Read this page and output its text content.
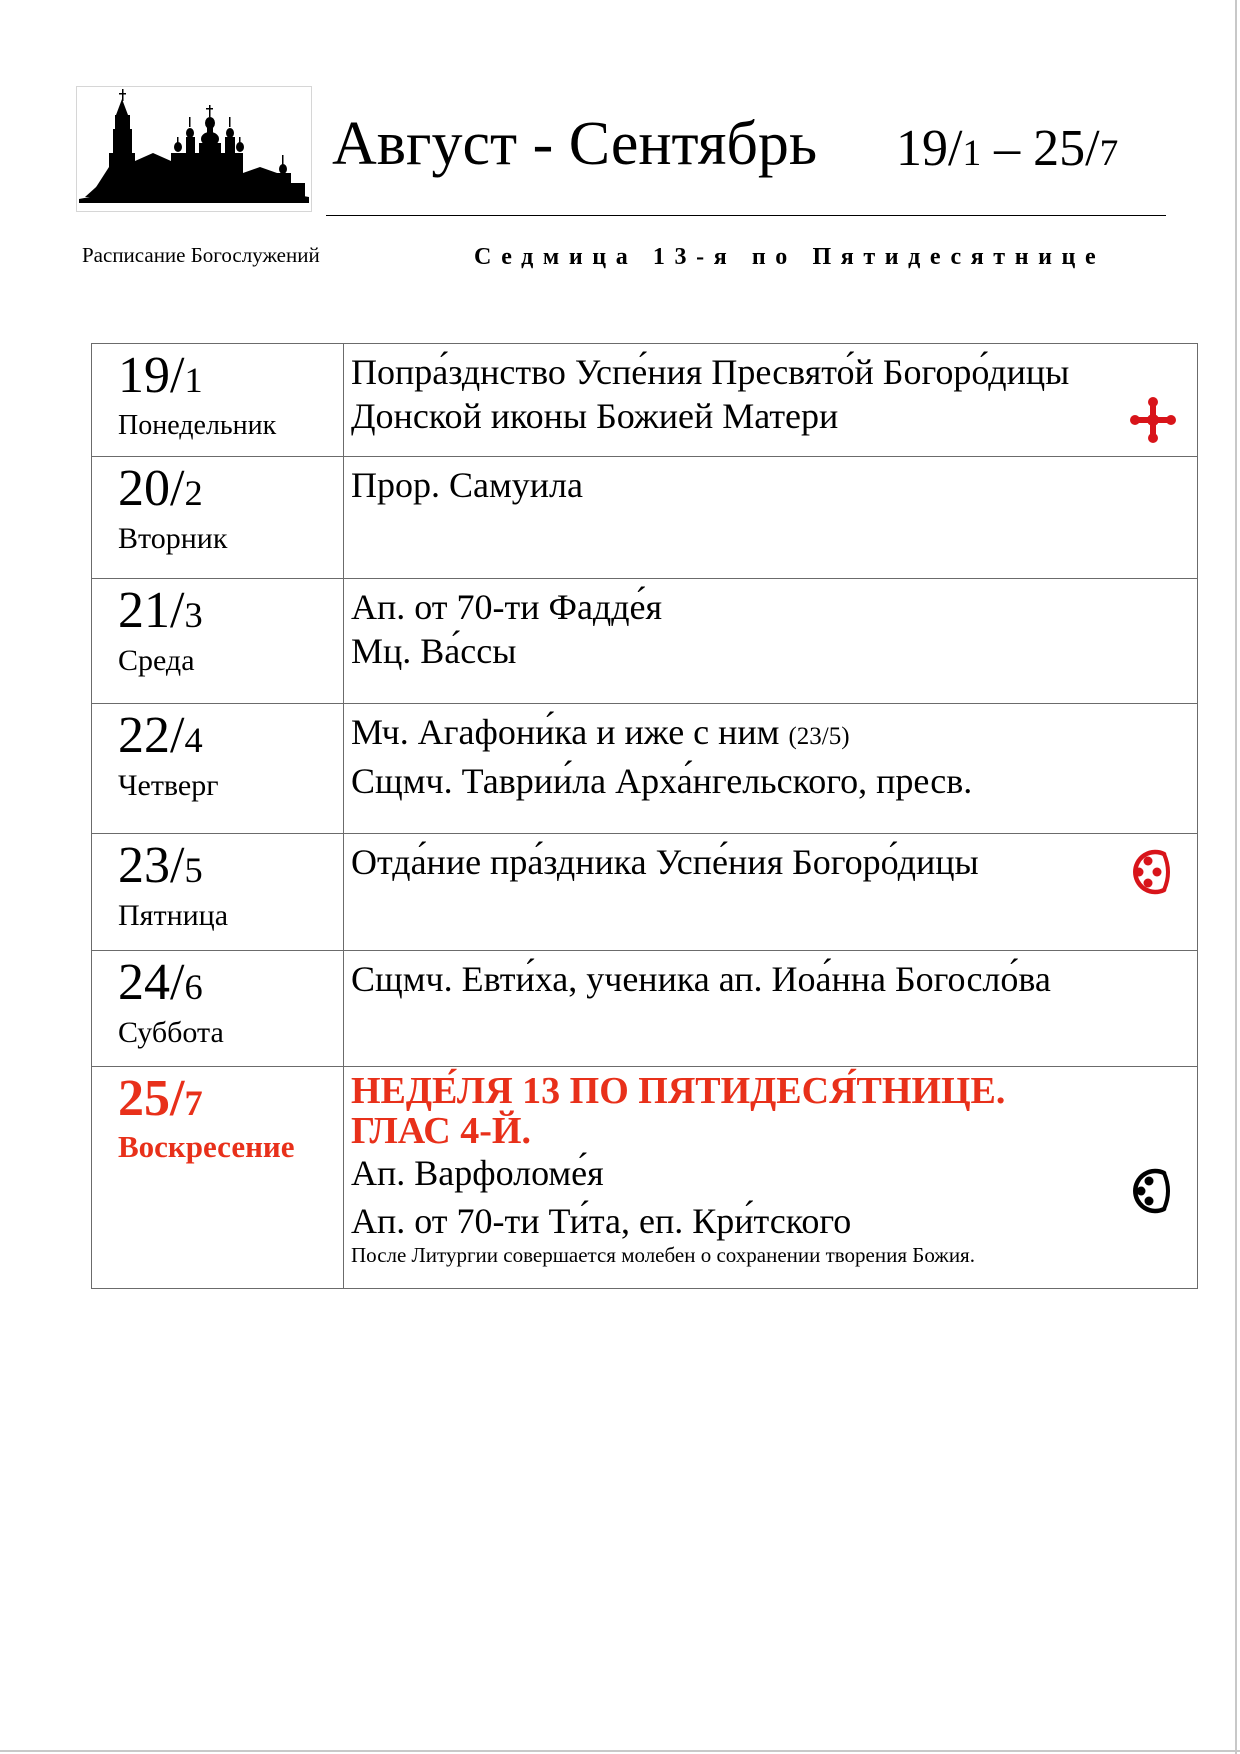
Август - Сентябрь 19/1 – 25/7
Расписание Богослужений	Седмица 13-я по Пятидесятнице
19/1
Понедельник
Попра́зднство Успе́ния Пресвято́й Богоро́дицы
Донской иконы Божией Матери
20/2
Вторник
Прор. Самуила
21/3
Среда
Ап. от 70-ти Фадде́я
Мц. Ва́ссы
22/4
Четверг
Мч. Агафони́ка и иже с ним (23/5)
Сщмч. Таврии́ла Арха́нгельского, пресв.
23/5
Пятница
Отда́ние пра́здника Успе́ния Богоро́дицы
24/6
Суббота
Сщмч. Евти́ха, ученика ап. Иоа́нна Богосло́ва
25/7
Воскресение
НЕДЕ́ЛЯ 13 ПО ПЯТИДЕСЯ́ТНИЦЕ.
ГЛАС 4-Й.
Ап. Варфоломе́я
Ап. от 70-ти Ти́та, еп. Кри́тского
После Литургии совершается молебен о сохранении творения Божия.
